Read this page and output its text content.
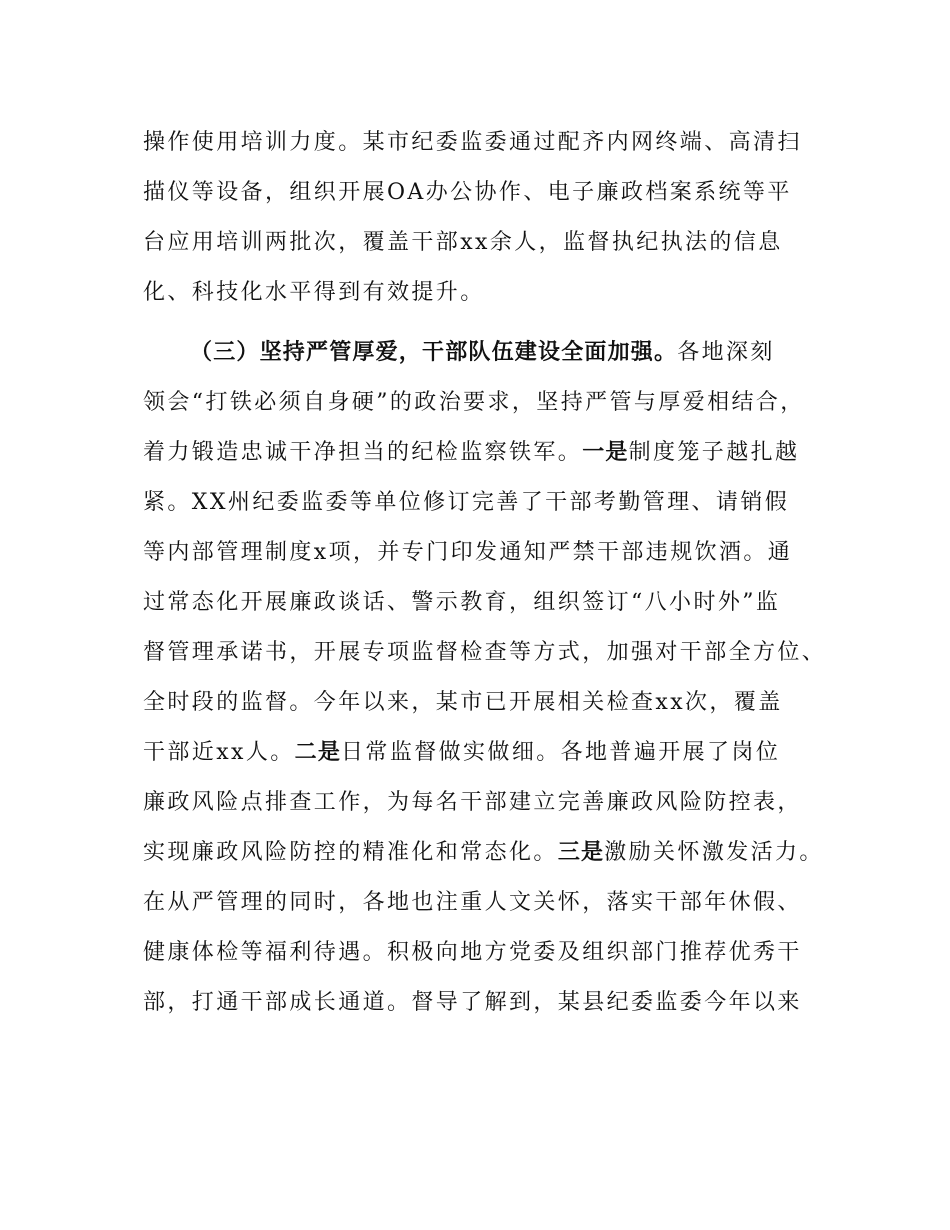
操作使用培训力度。某市纪委监委通过配齐内网终端、高清扫
描仪等设备，组织开展OA办公协作、电子廉政档案系统等平
台应用培训两批次，覆盖干部xx余人，监督执纪执法的信息
化、科技化水平得到有效提升。
（三）坚持严管厚爱，干部队伍建设全面加强。各地深刻
领会“打铁必须自身硬”的政治要求，坚持严管与厚爱相结合，
着力锻造忠诚干净担当的纪检监察铁军。一是制度笼子越扎越
紧。XX州纪委监委等单位修订完善了干部考勤管理、请销假
等内部管理制度x项，并专门印发通知严禁干部违规饮酒。通
过常态化开展廉政谈话、警示教育，组织签订“八小时外”监
督管理承诺书，开展专项监督检查等方式，加强对干部全方位、
全时段的监督。今年以来，某市已开展相关检查xx次，覆盖
干部近xx人。二是日常监督做实做细。各地普遍开展了岗位
廉政风险点排查工作，为每名干部建立完善廉政风险防控表，
实现廉政风险防控的精准化和常态化。三是激励关怀激发活力。
在从严管理的同时，各地也注重人文关怀，落实干部年休假、
健康体检等福利待遇。积极向地方党委及组织部门推荐优秀干
部，打通干部成长通道。督导了解到，某县纪委监委今年以来
